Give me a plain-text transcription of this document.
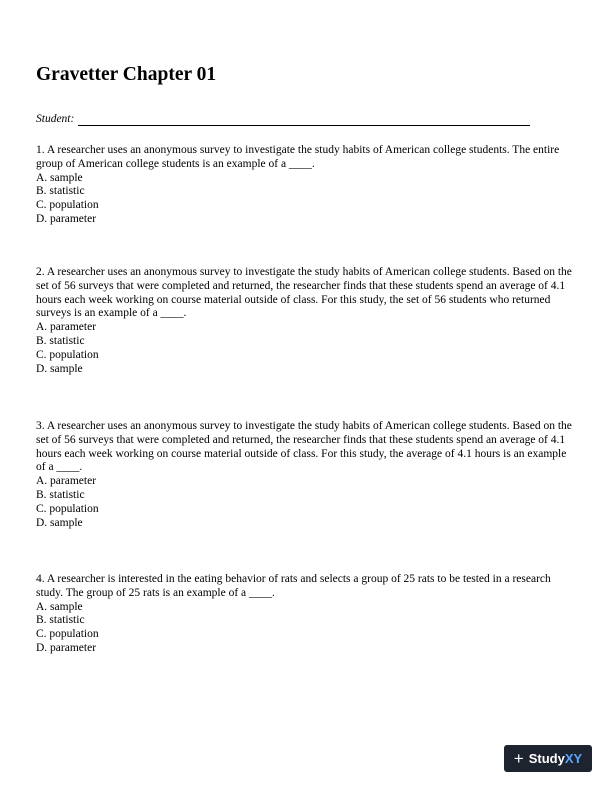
Gravetter Chapter 01
Student:

1. A researcher uses an anonymous survey to investigate the study habits of American college students. The entire group of American college students is an example of a ____.

A. sample
B. statistic
C. population
D. parameter

2. A researcher uses an anonymous survey to investigate the study habits of American college students. Based on the set of 56 surveys that were completed and returned, the researcher finds that these students spend an average of 4.1 hours each week working on course material outside of class. For this study, the set of 56 students who returned surveys is an example of a ____.

A. parameter
B. statistic
C. population
D. sample

3. A researcher uses an anonymous survey to investigate the study habits of American college students. Based on the set of 56 surveys that were completed and returned, the researcher finds that these students spend an average of 4.1 hours each week working on course material outside of class. For this study, the average of 4.1 hours is an example of a ____.

A. parameter
B. statistic
C. population
D. sample

4. A researcher is interested in the eating behavior of rats and selects a group of 25 rats to be tested in a research study. The group of 25 rats is an example of a ____.

A. sample
B. statistic
C. population
D. parameter
+ StudyXY
